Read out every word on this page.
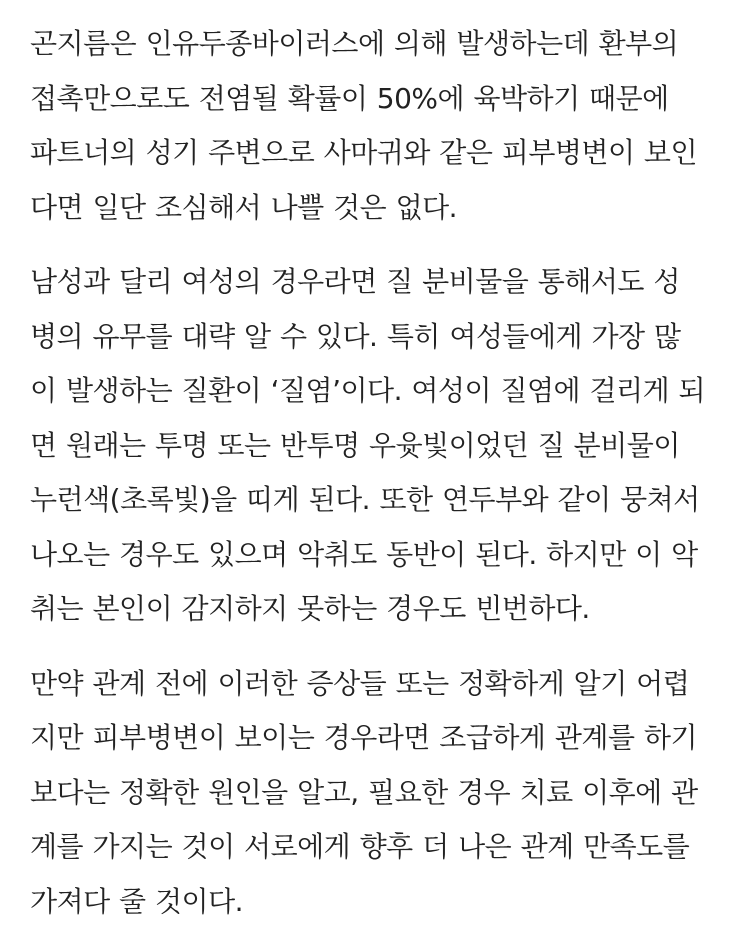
곤지름은 인유두종바이러스에 의해 발생하는데 환부의
접촉만으로도 전염될 확률이 50%에 육박하기 때문에
파트너의 성기 주변으로 사마귀와 같은 피부병변이 보인
다면 일단 조심해서 나쁠 것은 없다.

남성과 달리 여성의 경우라면 질 분비물을 통해서도 성
병의 유무를 대략 알 수 있다. 특히 여성들에게 가장 많
이 발생하는 질환이 ‘질염’이다. 여성이 질염에 걸리게 되
면 원래는 투명 또는 반투명 우윳빛이었던 질 분비물이
누런색(초록빛)을 띠게 된다. 또한 연두부와 같이 뭉쳐서
나오는 경우도 있으며 악취도 동반이 된다. 하지만 이 악
취는 본인이 감지하지 못하는 경우도 빈번하다.

만약 관계 전에 이러한 증상들 또는 정확하게 알기 어렵
지만 피부병변이 보이는 경우라면 조급하게 관계를 하기
보다는 정확한 원인을 알고, 필요한 경우 치료 이후에 관
계를 가지는 것이 서로에게 향후 더 나은 관계 만족도를
가져다 줄 것이다.
